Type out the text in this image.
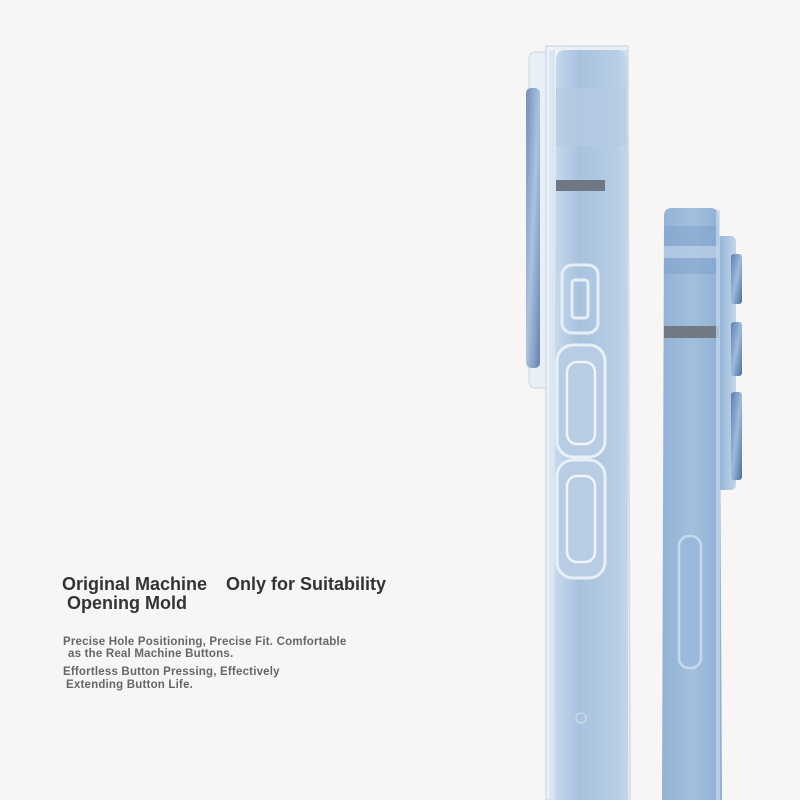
Original Machine
Opening Mold
Only for Suitability
Precise Hole Positioning, Precise Fit. Comfortable
as the Real Machine Buttons.
Effortless Button Pressing, Effectively
Extending Button Life.
